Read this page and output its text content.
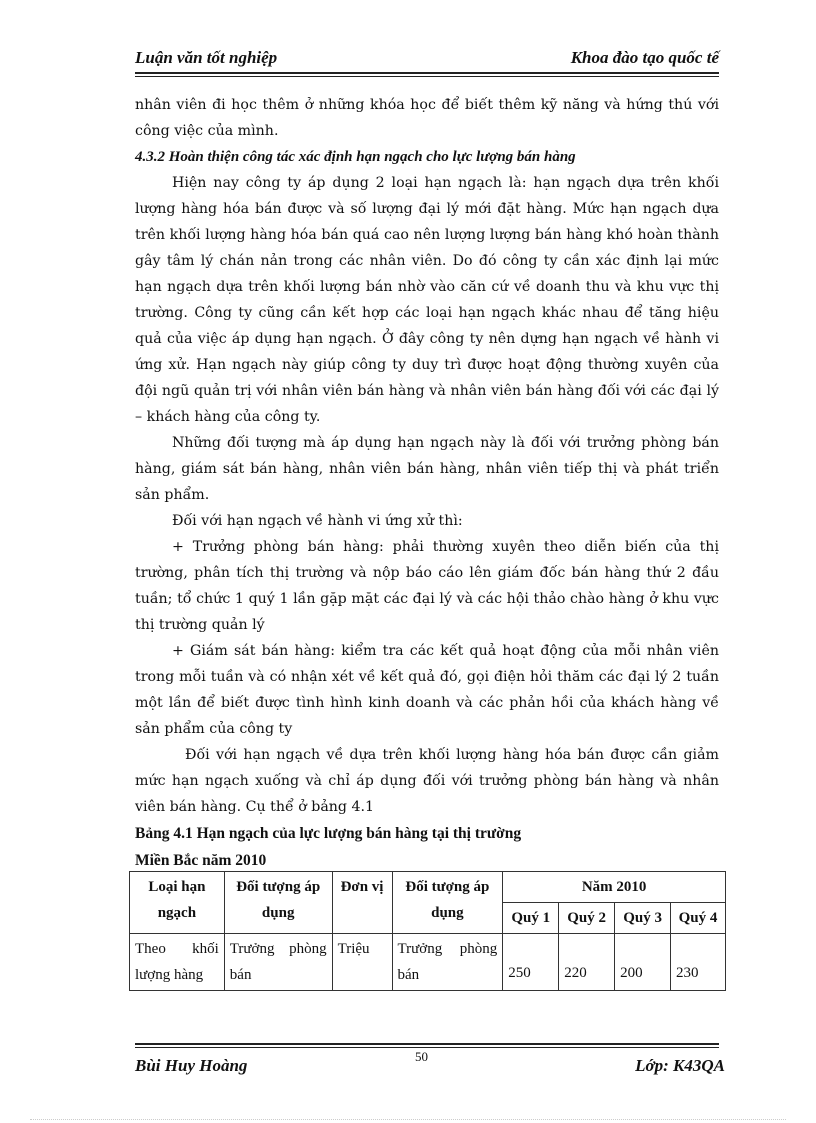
Luận văn tốt nghiệp	Khoa đào tạo quốc tế

nhân viên đi học thêm ở những khóa học để biết thêm kỹ năng và hứng thú với công việc của mình.

4.3.2 Hoàn thiện công tác xác định hạn ngạch cho lực lượng bán hàng

Hiện nay công ty áp dụng 2 loại hạn ngạch là: hạn ngạch dựa trên khối lượng hàng hóa bán được và số lượng đại lý mới đặt hàng. Mức hạn ngạch dựa trên khối lượng hàng hóa bán quá cao nên lượng lượng bán hàng khó hoàn thành gây tâm lý chán nản trong các nhân viên. Do đó công ty cần xác định lại mức hạn ngạch dựa trên khối lượng bán nhờ vào căn cứ về doanh thu và khu vực thị trường. Công ty cũng cần kết hợp các loại hạn ngạch khác nhau để tăng hiệu quả của việc áp dụng hạn ngạch. Ở đây công ty nên dựng hạn ngạch về hành vi ứng xử. Hạn ngạch này giúp công ty duy trì được hoạt động thường xuyên của đội ngũ quản trị với nhân viên bán hàng và nhân viên bán hàng đối với các đại lý – khách hàng của công ty.

Những đối tượng mà áp dụng hạn ngạch này là đối với trưởng phòng bán hàng, giám sát bán hàng, nhân viên bán hàng, nhân viên tiếp thị và phát triển sản phẩm.

Đối với hạn ngạch về hành vi ứng xử thì:

+ Trưởng phòng bán hàng: phải thường xuyên theo diễn biến của thị trường, phân tích thị trường và nộp báo cáo lên giám đốc bán hàng thứ 2 đầu tuần; tổ chức 1 quý 1 lần gặp mặt các đại lý và các hội thảo chào hàng ở khu vực thị trường quản lý

+ Giám sát bán hàng: kiểm tra các kết quả hoạt động của mỗi nhân viên trong mỗi tuần và có nhận xét về kết quả đó, gọi điện hỏi thăm các đại lý 2 tuần một lần để biết được tình hình kinh doanh và các phản hồi của khách hàng về sản phẩm của công ty

Đối với hạn ngạch về dựa trên khối lượng hàng hóa bán được cần giảm mức hạn ngạch xuống và chỉ áp dụng đối với trưởng phòng bán hàng và nhân viên bán hàng. Cụ thể ở bảng 4.1

Bảng 4.1 Hạn ngạch của lực lượng bán hàng tại thị trường

Miền Bắc năm 2010

Loại hạn ngạch	Đối tượng áp dụng	Đơn vị	Đối tượng áp dụng	Năm 2010			
				Quý 1	Quý 2	Quý 3	Quý 4
Theo khối lượng hàng	Trưởng phòng bán	Triệu	Trưởng phòng bán	250	220	200	230
50
Bùi Huy Hoàng	Lớp: K43QA
